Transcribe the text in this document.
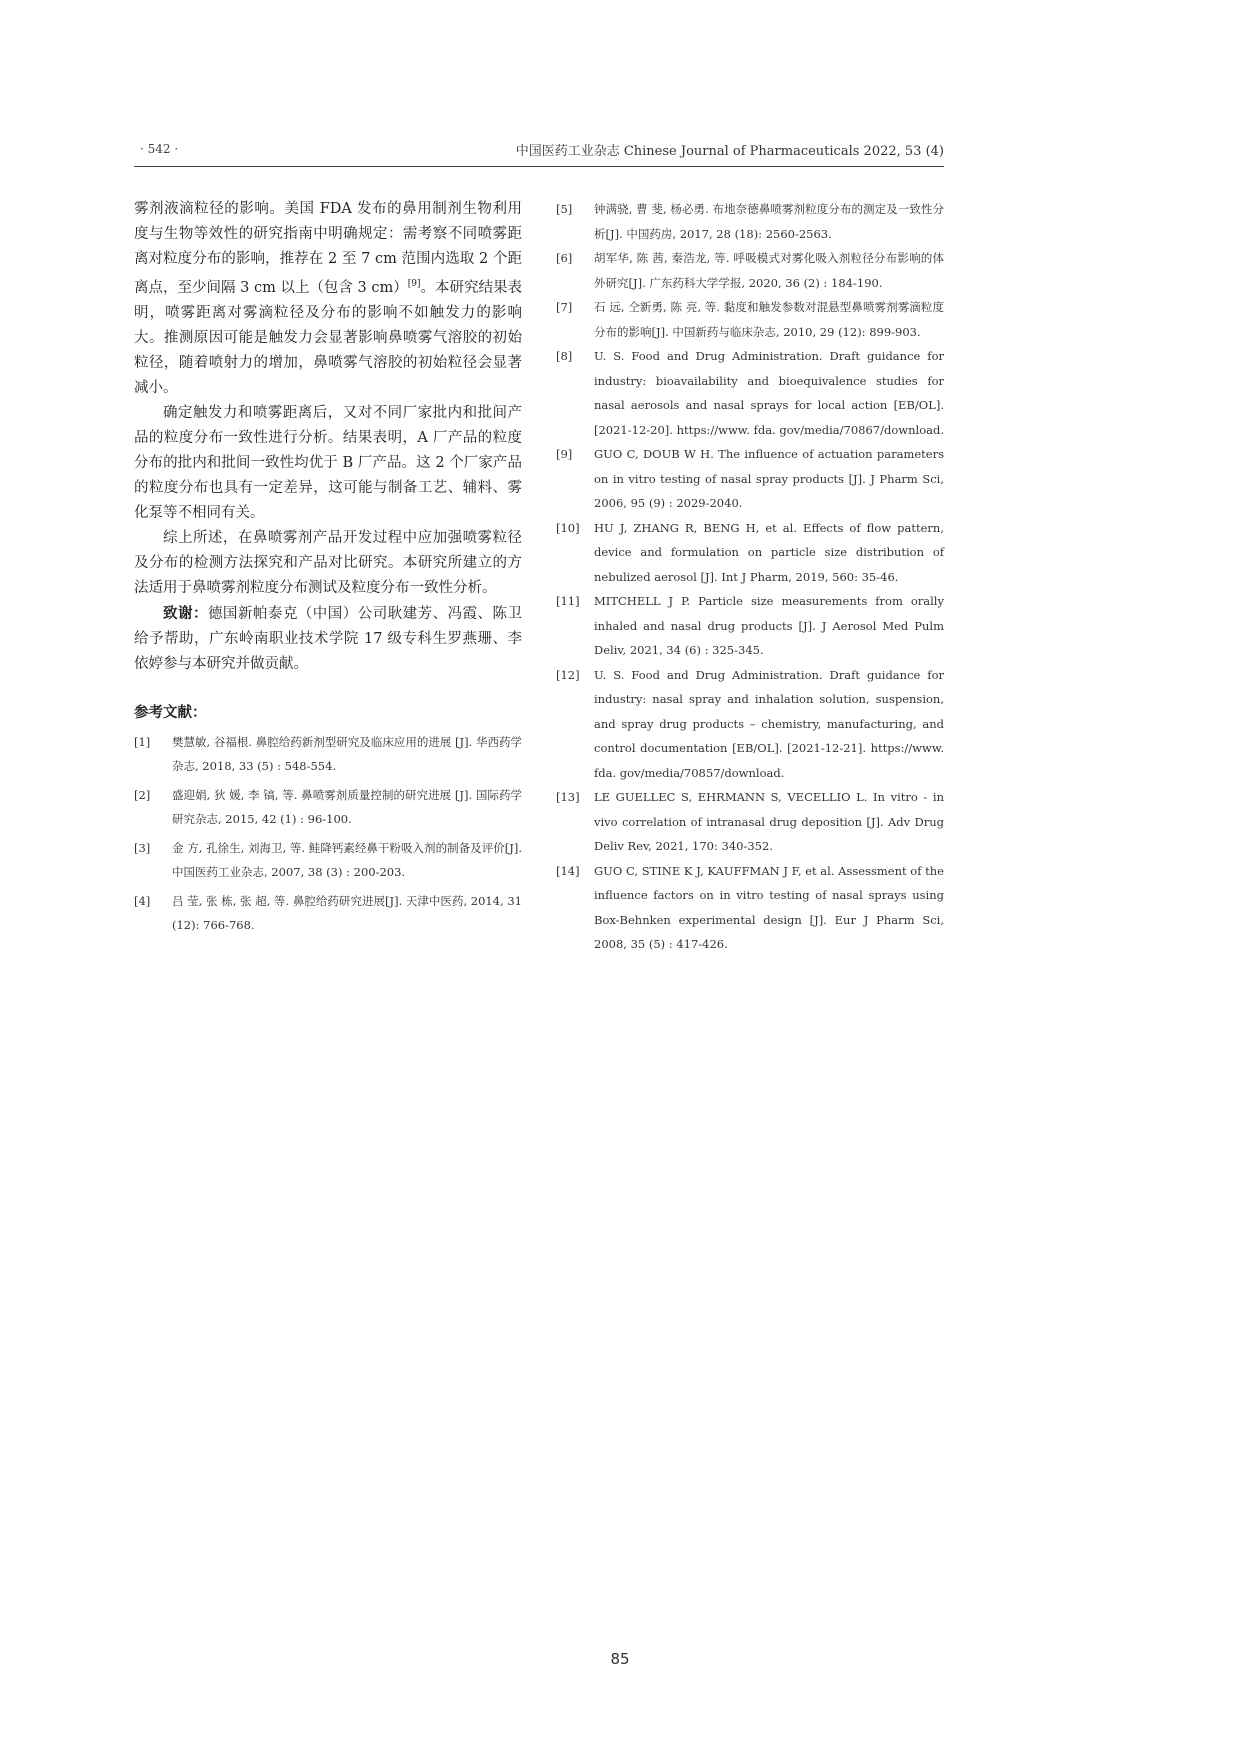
· 542 ·	中国医药工业杂志 Chinese Journal of Pharmaceuticals 2022, 53 (4)

雾剂液滴粒径的影响。美国 FDA 发布的鼻用制剂生物利用度与生物等效性的研究指南中明确规定：需考察不同喷雾距离对粒度分布的影响，推荐在 2 至 7 cm 范围内选取 2 个距离点，至少间隔 3 cm 以上（包含 3 cm）[9]。本研究结果表明，喷雾距离对雾滴粒径及分布的影响不如触发力的影响大。推测原因可能是触发力会显著影响鼻喷雾气溶胶的初始粒径，随着喷射力的增加，鼻喷雾气溶胶的初始粒径会显著减小。

确定触发力和喷雾距离后，又对不同厂家批内和批间产品的粒度分布一致性进行分析。结果表明，A 厂产品的粒度分布的批内和批间一致性均优于 B 厂产品。这 2 个厂家产品的粒度分布也具有一定差异，这可能与制备工艺、辅料、雾化泵等不相同有关。

综上所述，在鼻喷雾剂产品开发过程中应加强喷雾粒径及分布的检测方法探究和产品对比研究。本研究所建立的方法适用于鼻喷雾剂粒度分布测试及粒度分布一致性分析。

致谢：德国新帕泰克（中国）公司耿建芳、冯霞、陈卫给予帮助，广东岭南职业技术学院 17 级专科生罗燕珊、李依婷参与本研究并做贡献。

参考文献：
[1]	樊慧敏, 谷福根. 鼻腔给药新剂型研究及临床应用的进展 [J]. 华西药学杂志, 2018, 33 (5) : 548-554.
[2]	盛迎娟, 狄 媛, 李 镐, 等. 鼻喷雾剂质量控制的研究进展 [J]. 国际药学研究杂志, 2015, 42 (1) : 96-100.
[3]	金 方, 孔徐生, 刘海卫, 等. 鲑降钙素经鼻干粉吸入剂的制备及评价[J]. 中国医药工业杂志, 2007, 38 (3) : 200-203.
[4]	吕 莹, 张 栋, 张 超, 等. 鼻腔给药研究进展[J]. 天津中医药, 2014, 31 (12): 766-768.
[5]	钟满骁, 曹 斐, 杨必勇. 布地奈德鼻喷雾剂粒度分布的测定及一致性分析[J]. 中国药房, 2017, 28 (18): 2560-2563.
[6]	胡军华, 陈 茜, 秦浩龙, 等. 呼吸模式对雾化吸入剂粒径分布影响的体外研究[J]. 广东药科大学学报, 2020, 36 (2) : 184-190.
[7]	石 远, 仝新勇, 陈 亮, 等. 黏度和触发参数对混悬型鼻喷雾剂雾滴粒度分布的影响[J]. 中国新药与临床杂志, 2010, 29 (12): 899-903.
[8]	U. S. Food and Drug Administration. Draft guidance for industry: bioavailability and bioequivalence studies for nasal aerosols and nasal sprays for local action [EB/OL]. [2021-12-20]. https://www. fda. gov/media/70867/download.
[9]	GUO C, DOUB W H. The influence of actuation parameters on in vitro testing of nasal spray products [J]. J Pharm Sci, 2006, 95 (9) : 2029-2040.
[10]	HU J, ZHANG R, BENG H, et al. Effects of flow pattern, device and formulation on particle size distribution of nebulized aerosol [J]. Int J Pharm, 2019, 560: 35-46.
[11]	MITCHELL J P. Particle size measurements from orally inhaled and nasal drug products [J]. J Aerosol Med Pulm Deliv, 2021, 34 (6) : 325-345.
[12]	U. S. Food and Drug Administration. Draft guidance for industry: nasal spray and inhalation solution, suspension, and spray drug products – chemistry, manufacturing, and control documentation [EB/OL]. [2021-12-21]. https://www. fda. gov/media/70857/download.
[13]	LE GUELLEC S, EHRMANN S, VECELLIO L. In vitro - in vivo correlation of intranasal drug deposition [J]. Adv Drug Deliv Rev, 2021, 170: 340-352.
[14]	GUO C, STINE K J, KAUFFMAN J F, et al. Assessment of the influence factors on in vitro testing of nasal sprays using Box-Behnken experimental design [J]. Eur J Pharm Sci, 2008, 35 (5) : 417-426.
85
